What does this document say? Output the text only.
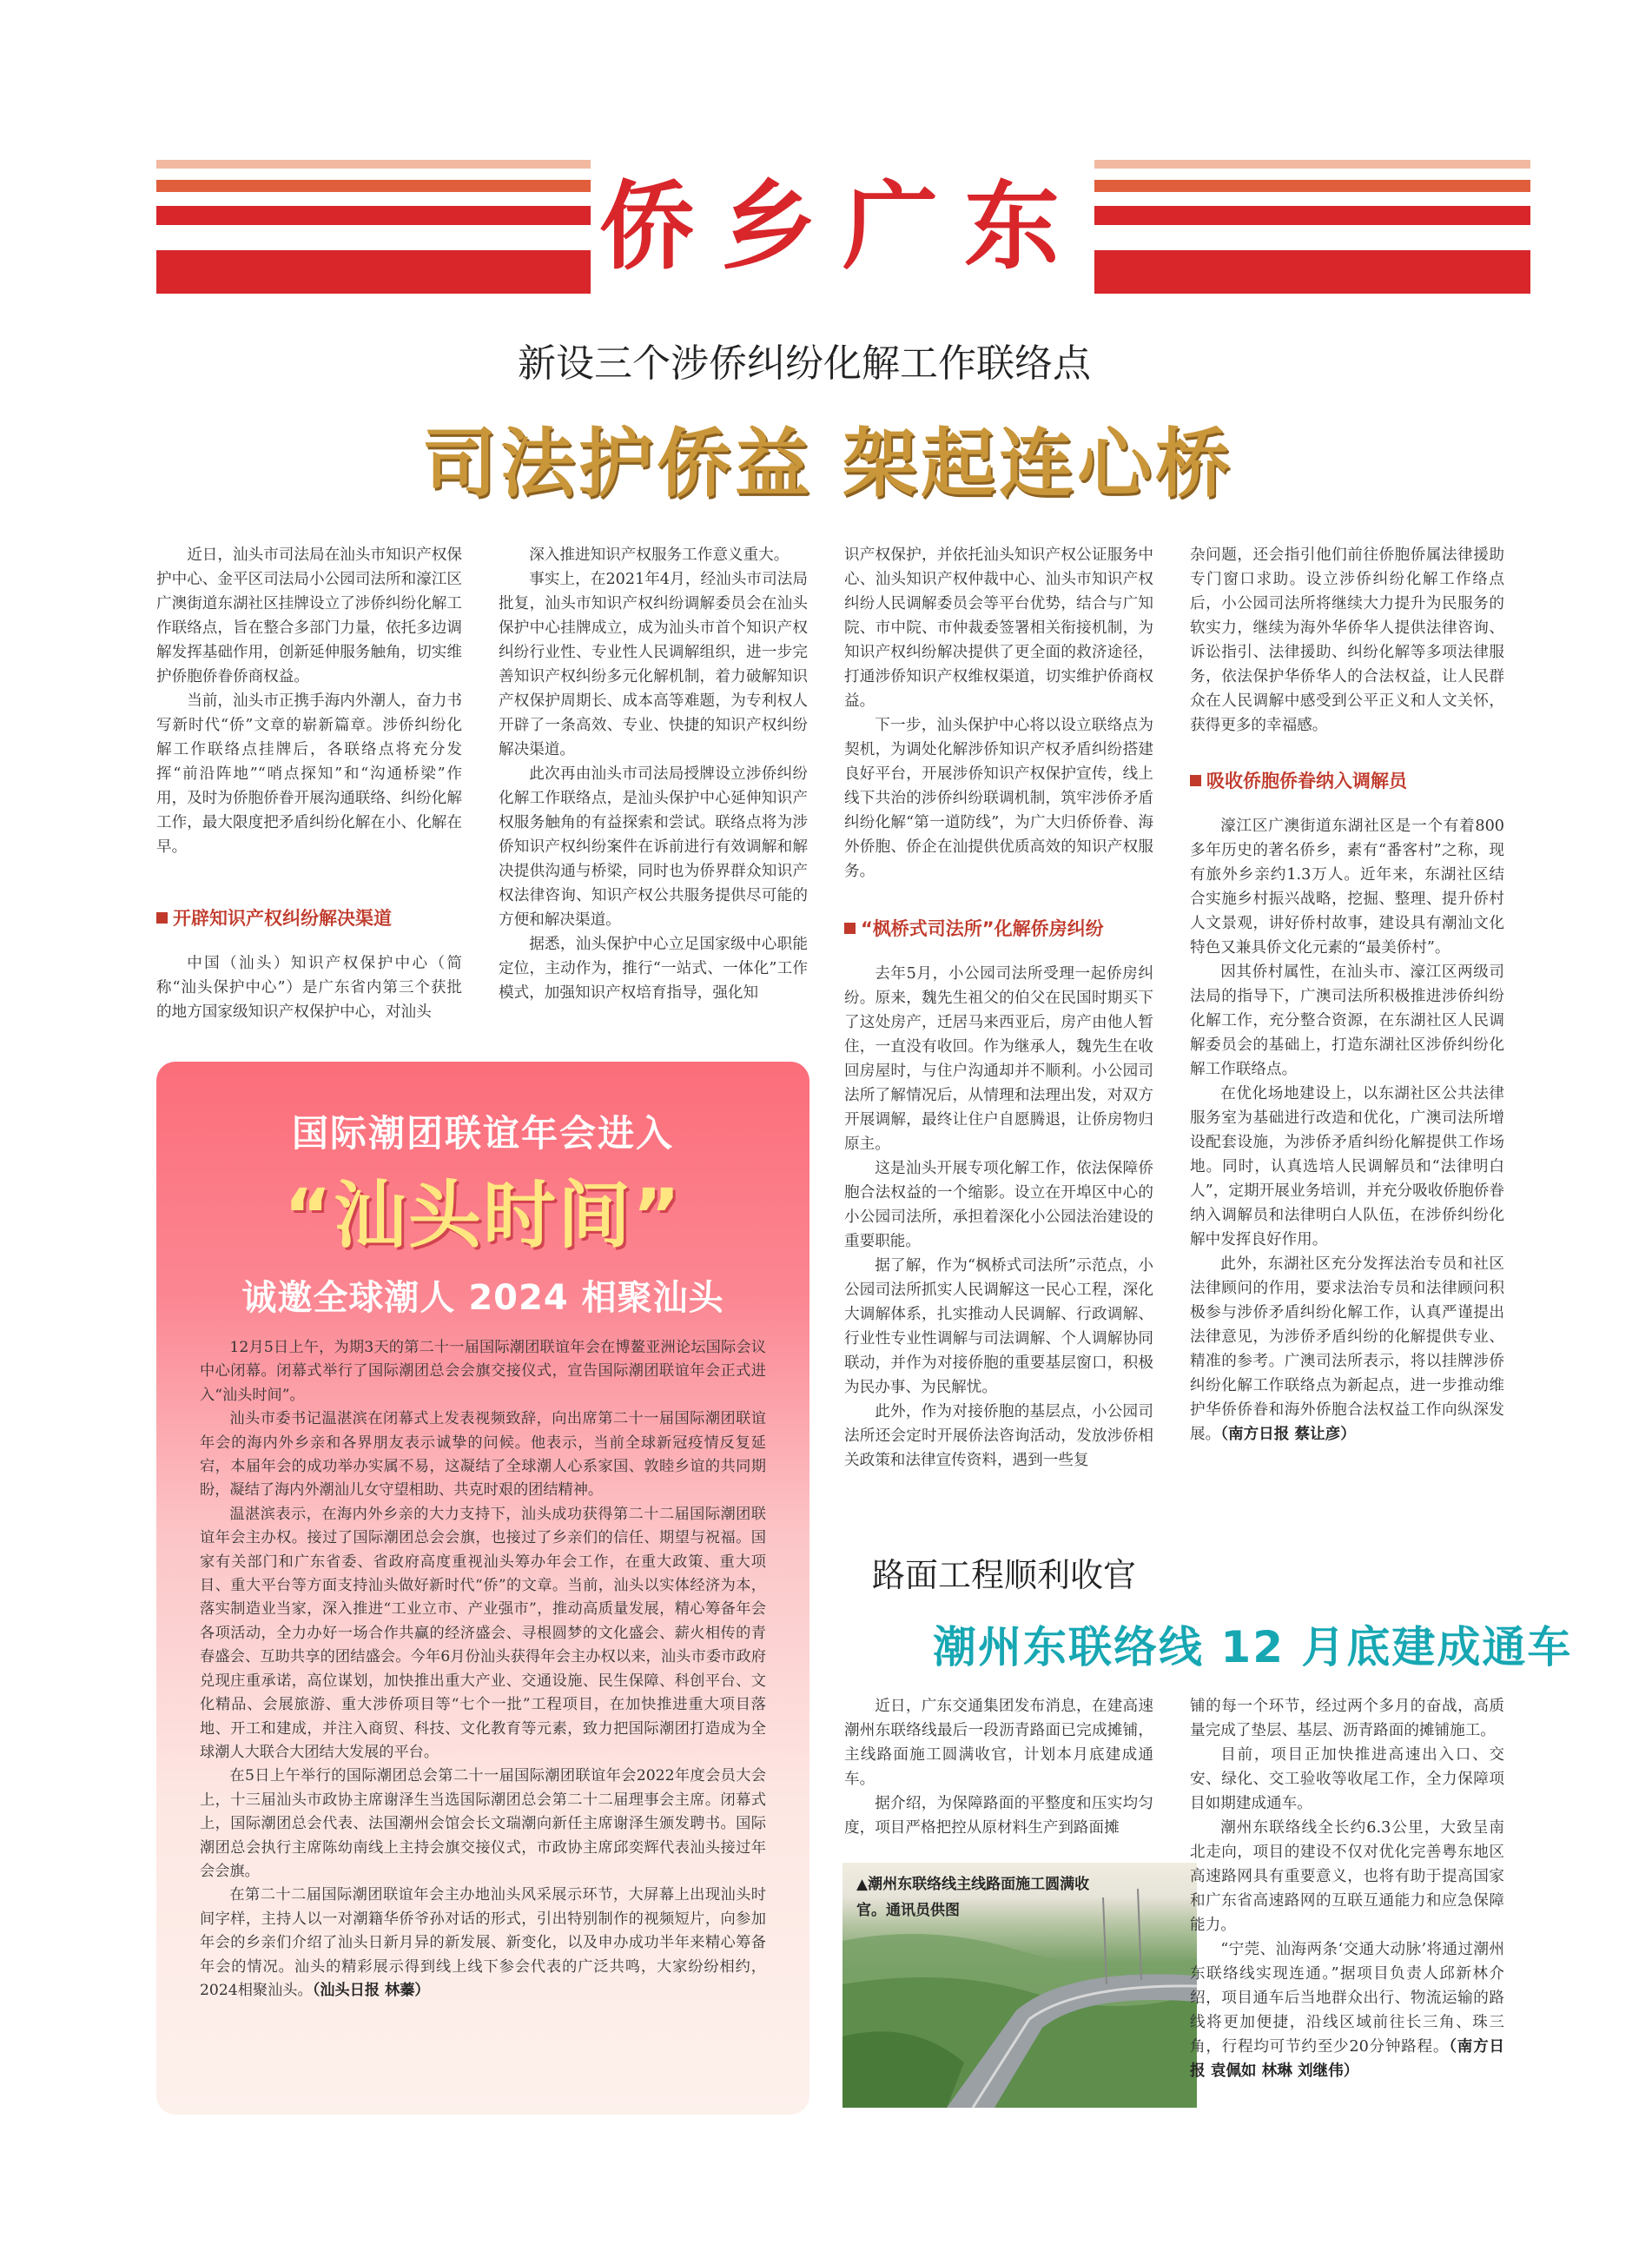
侨乡广东
新设三个涉侨纠纷化解工作联络点
司法护侨益 架起连心桥

近日，汕头市司法局在汕头市知识产权保护中心、金平区司法局小公园司法所和濠江区广澳街道东湖社区挂牌设立了涉侨纠纷化解工作联络点，旨在整合多部门力量，依托多边调解发挥基础作用，创新延伸服务触角，切实维护侨胞侨眷侨商权益。

当前，汕头市正携手海内外潮人，奋力书写新时代“侨”文章的崭新篇章。涉侨纠纷化解工作联络点挂牌后，各联络点将充分发挥“前沿阵地”“哨点探知”和“沟通桥梁”作用，及时为侨胞侨眷开展沟通联络、纠纷化解工作，最大限度把矛盾纠纷化解在小、化解在早。

开辟知识产权纠纷解决渠道

中国（汕头）知识产权保护中心（简称“汕头保护中心”）是广东省内第三个获批的地方国家级知识产权保护中心，对汕头

深入推进知识产权服务工作意义重大。

事实上，在2021年4月，经汕头市司法局批复，汕头市知识产权纠纷调解委员会在汕头保护中心挂牌成立，成为汕头市首个知识产权纠纷行业性、专业性人民调解组织，进一步完善知识产权纠纷多元化解机制，着力破解知识产权保护周期长、成本高等难题，为专利权人开辟了一条高效、专业、快捷的知识产权纠纷解决渠道。

此次再由汕头市司法局授牌设立涉侨纠纷化解工作联络点，是汕头保护中心延伸知识产权服务触角的有益探索和尝试。联络点将为涉侨知识产权纠纷案件在诉前进行有效调解和解决提供沟通与桥梁，同时也为侨界群众知识产权法律咨询、知识产权公共服务提供尽可能的方便和解决渠道。

据悉，汕头保护中心立足国家级中心职能定位，主动作为，推行“一站式、一体化”工作模式，加强知识产权培育指导，强化知

识产权保护，并依托汕头知识产权公证服务中心、汕头知识产权仲裁中心、汕头市知识产权纠纷人民调解委员会等平台优势，结合与广知院、市中院、市仲裁委签署相关衔接机制，为知识产权纠纷解决提供了更全面的救济途径，打通涉侨知识产权维权渠道，切实维护侨商权益。

下一步，汕头保护中心将以设立联络点为契机，为调处化解涉侨知识产权矛盾纠纷搭建良好平台，开展涉侨知识产权保护宣传，线上线下共治的涉侨纠纷联调机制，筑牢涉侨矛盾纠纷化解“第一道防线”，为广大归侨侨眷、海外侨胞、侨企在汕提供优质高效的知识产权服务。

“枫桥式司法所”化解侨房纠纷

去年5月，小公园司法所受理一起侨房纠纷。原来，魏先生祖父的伯父在民国时期买下了这处房产，迁居马来西亚后，房产由他人暂住，一直没有收回。作为继承人，魏先生在收回房屋时，与住户沟通却并不顺利。小公园司法所了解情况后，从情理和法理出发，对双方开展调解，最终让住户自愿腾退，让侨房物归原主。

这是汕头开展专项化解工作，依法保障侨胞合法权益的一个缩影。设立在开埠区中心的小公园司法所，承担着深化小公园法治建设的重要职能。

据了解，作为“枫桥式司法所”示范点，小公园司法所抓实人民调解这一民心工程，深化大调解体系，扎实推动人民调解、行政调解、行业性专业性调解与司法调解、个人调解协同联动，并作为对接侨胞的重要基层窗口，积极为民办事、为民解忧。

此外，作为对接侨胞的基层点，小公园司法所还会定时开展侨法咨询活动，发放涉侨相关政策和法律宣传资料，遇到一些复

杂问题，还会指引他们前往侨胞侨属法律援助专门窗口求助。设立涉侨纠纷化解工作络点后，小公园司法所将继续大力提升为民服务的软实力，继续为海外华侨华人提供法律咨询、诉讼指引、法律援助、纠纷化解等多项法律服务，依法保护华侨华人的合法权益，让人民群众在人民调解中感受到公平正义和人文关怀，获得更多的幸福感。

吸收侨胞侨眷纳入调解员

濠江区广澳街道东湖社区是一个有着800多年历史的著名侨乡，素有“番客村”之称，现有旅外乡亲约1.3万人。近年来，东湖社区结合实施乡村振兴战略，挖掘、整理、提升侨村人文景观，讲好侨村故事，建设具有潮汕文化特色又兼具侨文化元素的“最美侨村”。

因其侨村属性，在汕头市、濠江区两级司法局的指导下，广澳司法所积极推进涉侨纠纷化解工作，充分整合资源，在东湖社区人民调解委员会的基础上，打造东湖社区涉侨纠纷化解工作联络点。

在优化场地建设上，以东湖社区公共法律服务室为基础进行改造和优化，广澳司法所增设配套设施，为涉侨矛盾纠纷化解提供工作场地。同时，认真选培人民调解员和“法律明白人”，定期开展业务培训，并充分吸收侨胞侨眷纳入调解员和法律明白人队伍，在涉侨纠纷化解中发挥良好作用。

此外，东湖社区充分发挥法治专员和社区法律顾问的作用，要求法治专员和法律顾问积极参与涉侨矛盾纠纷化解工作，认真严谨提出法律意见，为涉侨矛盾纠纷的化解提供专业、精准的参考。广澳司法所表示，将以挂牌涉侨纠纷化解工作联络点为新起点，进一步推动维护华侨侨眷和海外侨胞合法权益工作向纵深发展。（南方日报 蔡让彦）

国际潮团联谊年会进入
“汕头时间”
诚邀全球潮人 2024 相聚汕头

12月5日上午，为期3天的第二十一届国际潮团联谊年会在博鳌亚洲论坛国际会议中心闭幕。闭幕式举行了国际潮团总会会旗交接仪式，宣告国际潮团联谊年会正式进入“汕头时间”。

汕头市委书记温湛滨在闭幕式上发表视频致辞，向出席第二十一届国际潮团联谊年会的海内外乡亲和各界朋友表示诚挚的问候。他表示，当前全球新冠疫情反复延宕，本届年会的成功举办实属不易，这凝结了全球潮人心系家国、敦睦乡谊的共同期盼，凝结了海内外潮汕儿女守望相助、共克时艰的团结精神。

温湛滨表示，在海内外乡亲的大力支持下，汕头成功获得第二十二届国际潮团联谊年会主办权。接过了国际潮团总会会旗，也接过了乡亲们的信任、期望与祝福。国家有关部门和广东省委、省政府高度重视汕头筹办年会工作，在重大政策、重大项目、重大平台等方面支持汕头做好新时代“侨”的文章。当前，汕头以实体经济为本，落实制造业当家，深入推进“工业立市、产业强市”，推动高质量发展，精心筹备年会各项活动，全力办好一场合作共赢的经济盛会、寻根圆梦的文化盛会、薪火相传的青春盛会、互助共享的团结盛会。今年6月份汕头获得年会主办权以来，汕头市委市政府兑现庄重承诺，高位谋划，加快推出重大产业、交通设施、民生保障、科创平台、文化精品、会展旅游、重大涉侨项目等“七个一批”工程项目，在加快推进重大项目落地、开工和建成，并注入商贸、科技、文化教育等元素，致力把国际潮团打造成为全球潮人大联合大团结大发展的平台。

在5日上午举行的国际潮团总会第二十一届国际潮团联谊年会2022年度会员大会上，十三届汕头市政协主席谢泽生当选国际潮团总会第二十二届理事会主席。闭幕式上，国际潮团总会代表、法国潮州会馆会长文瑞潮向新任主席谢泽生颁发聘书。国际潮团总会执行主席陈幼南线上主持会旗交接仪式，市政协主席邱奕辉代表汕头接过年会会旗。

在第二十二届国际潮团联谊年会主办地汕头风采展示环节，大屏幕上出现汕头时间字样，主持人以一对潮籍华侨爷孙对话的形式，引出特别制作的视频短片，向参加年会的乡亲们介绍了汕头日新月异的新发展、新变化，以及申办成功半年来精心筹备年会的情况。汕头的精彩展示得到线上线下参会代表的广泛共鸣，大家纷纷相约，2024相聚汕头。（汕头日报 林蓁）

路面工程顺利收官
潮州东联络线 12 月底建成通车

近日，广东交通集团发布消息，在建高速潮州东联络线最后一段沥青路面已完成摊铺，主线路面施工圆满收官，计划本月底建成通车。

据介绍，为保障路面的平整度和压实均匀度，项目严格把控从原材料生产到路面摊

▲潮州东联络线主线路面施工圆满收官。通讯员供图

铺的每一个环节，经过两个多月的奋战，高质量完成了垫层、基层、沥青路面的摊铺施工。

目前，项目正加快推进高速出入口、交安、绿化、交工验收等收尾工作，全力保障项目如期建成通车。

潮州东联络线全长约6.3公里，大致呈南北走向，项目的建设不仅对优化完善粤东地区高速路网具有重要意义，也将有助于提高国家和广东省高速路网的互联互通能力和应急保障能力。

“宁莞、汕海两条‘交通大动脉’将通过潮州东联络线实现连通。”据项目负责人邱新林介绍，项目通车后当地群众出行、物流运输的路线将更加便捷，沿线区域前往长三角、珠三角，行程均可节约至少20分钟路程。（南方日报 袁佩如 林琳 刘继伟）
